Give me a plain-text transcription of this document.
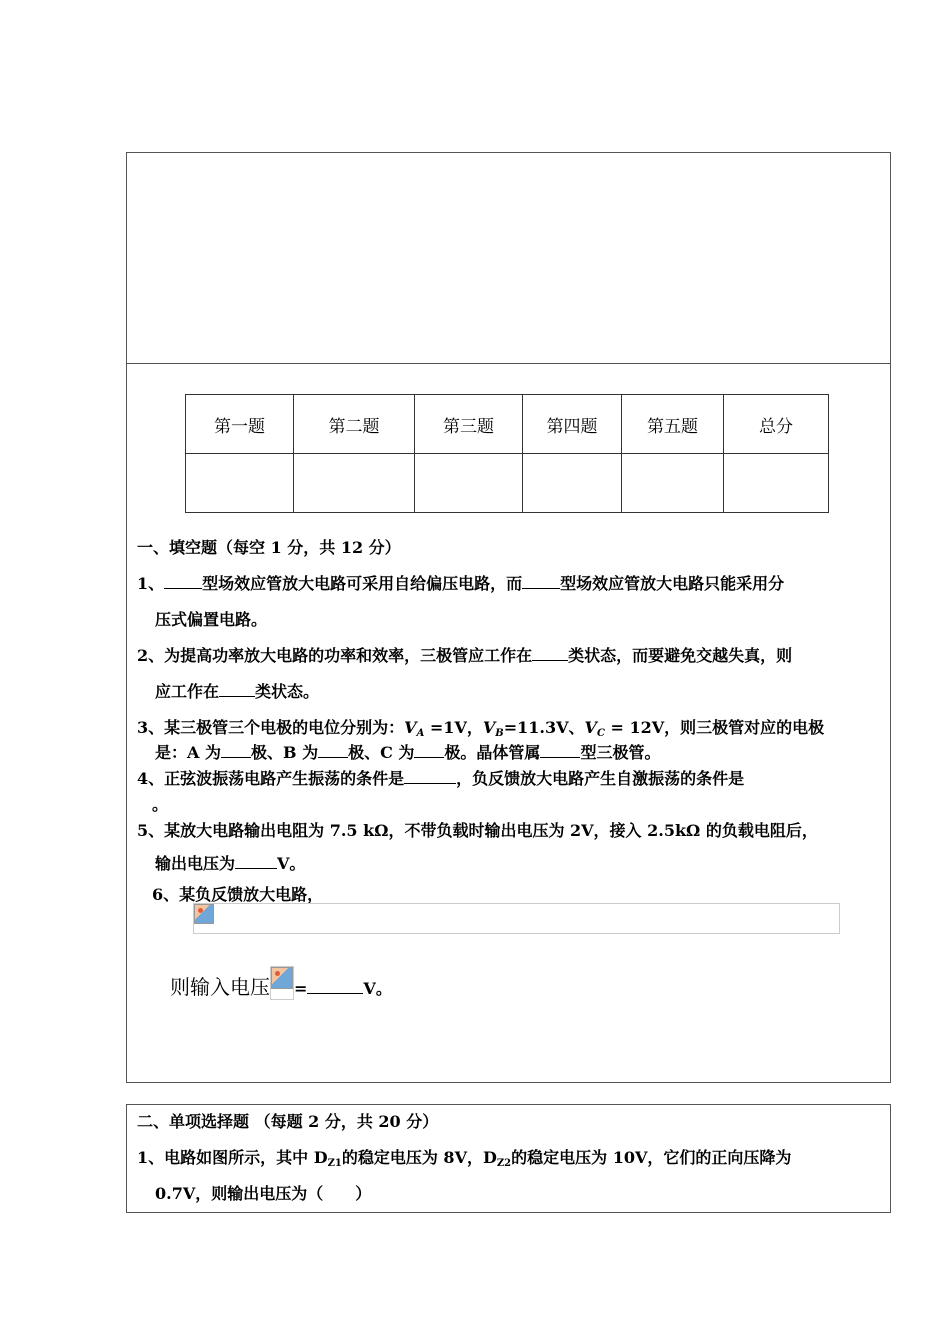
第一题	第二题	第三题	第四题	第五题	总分

一、填空题（每空 1 分，共 12 分）
1、 型场效应管放大电路可采用自给偏压电路，而 型场效应管放大电路只能采用分
压式偏置电路。
2、为提高功率放大电路的功率和效率，三极管应工作在 类状态，而要避免交越失真，则
应工作在 类状态。
3、某三极管三个电极的电位分别为：$V_A =1V$，$V_B=11.3V$、$V_C = 12V$，则三极管对应的电极
是：A 为 极、B 为 极、C 为 极。晶体管属	型三极管。
4、正弦波振荡电路产生振荡的条件是	，负反馈放大电路产生自激振荡的条件是
。
5、某放大电路输出电阻为 7.5 kΩ，不带负载时输出电压为 2V，接入 2.5kΩ 的负载电阻后，
输出电压为	V。
6、某负反馈放大电路，
则输入电压 =	V。
二、单项选择题 （每题 2 分，共 20 分）
1、电路如图所示，其中 DZ1的稳定电压为 8V，DZ2的稳定电压为 10V，它们的正向压降为
0.7V，则输出电压为（　　）
